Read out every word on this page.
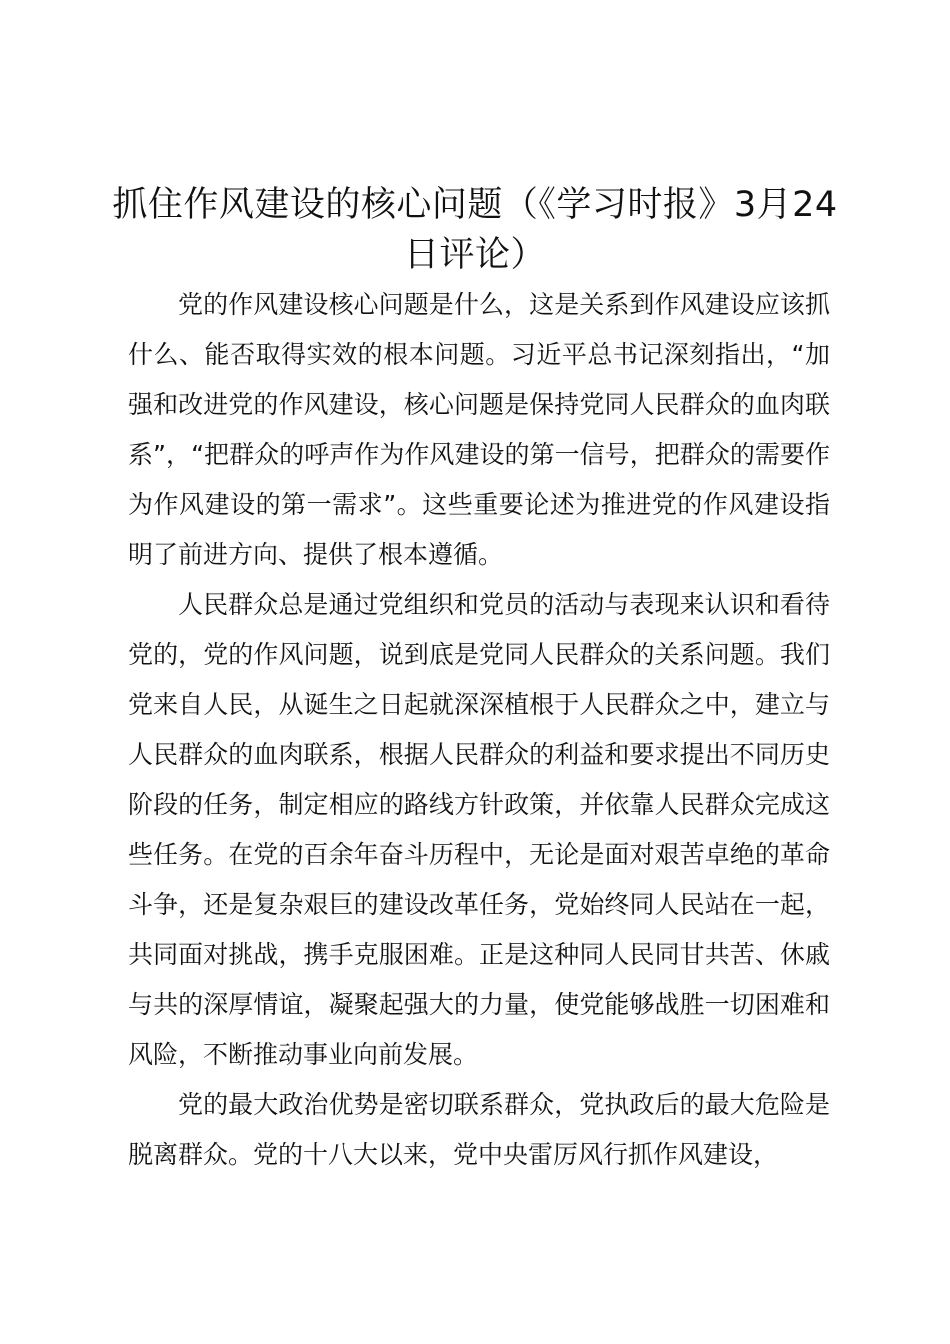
抓住作风建设的核心问题（《学习时报》3月24日评论）

党的作风建设核心问题是什么，这是关系到作风建设应该抓什么、能否取得实效的根本问题。习近平总书记深刻指出，“加强和改进党的作风建设，核心问题是保持党同人民群众的血肉联系”，“把群众的呼声作为作风建设的第一信号，把群众的需要作为作风建设的第一需求”。这些重要论述为推进党的作风建设指明了前进方向、提供了根本遵循。

人民群众总是通过党组织和党员的活动与表现来认识和看待党的，党的作风问题，说到底是党同人民群众的关系问题。我们党来自人民，从诞生之日起就深深植根于人民群众之中，建立与人民群众的血肉联系，根据人民群众的利益和要求提出不同历史阶段的任务，制定相应的路线方针政策，并依靠人民群众完成这些任务。在党的百余年奋斗历程中，无论是面对艰苦卓绝的革命斗争，还是复杂艰巨的建设改革任务，党始终同人民站在一起，共同面对挑战，携手克服困难。正是这种同人民同甘共苦、休戚与共的深厚情谊，凝聚起强大的力量，使党能够战胜一切困难和风险，不断推动事业向前发展。

党的最大政治优势是密切联系群众，党执政后的最大危险是脱离群众。党的十八大以来，党中央雷厉风行抓作风建设，
